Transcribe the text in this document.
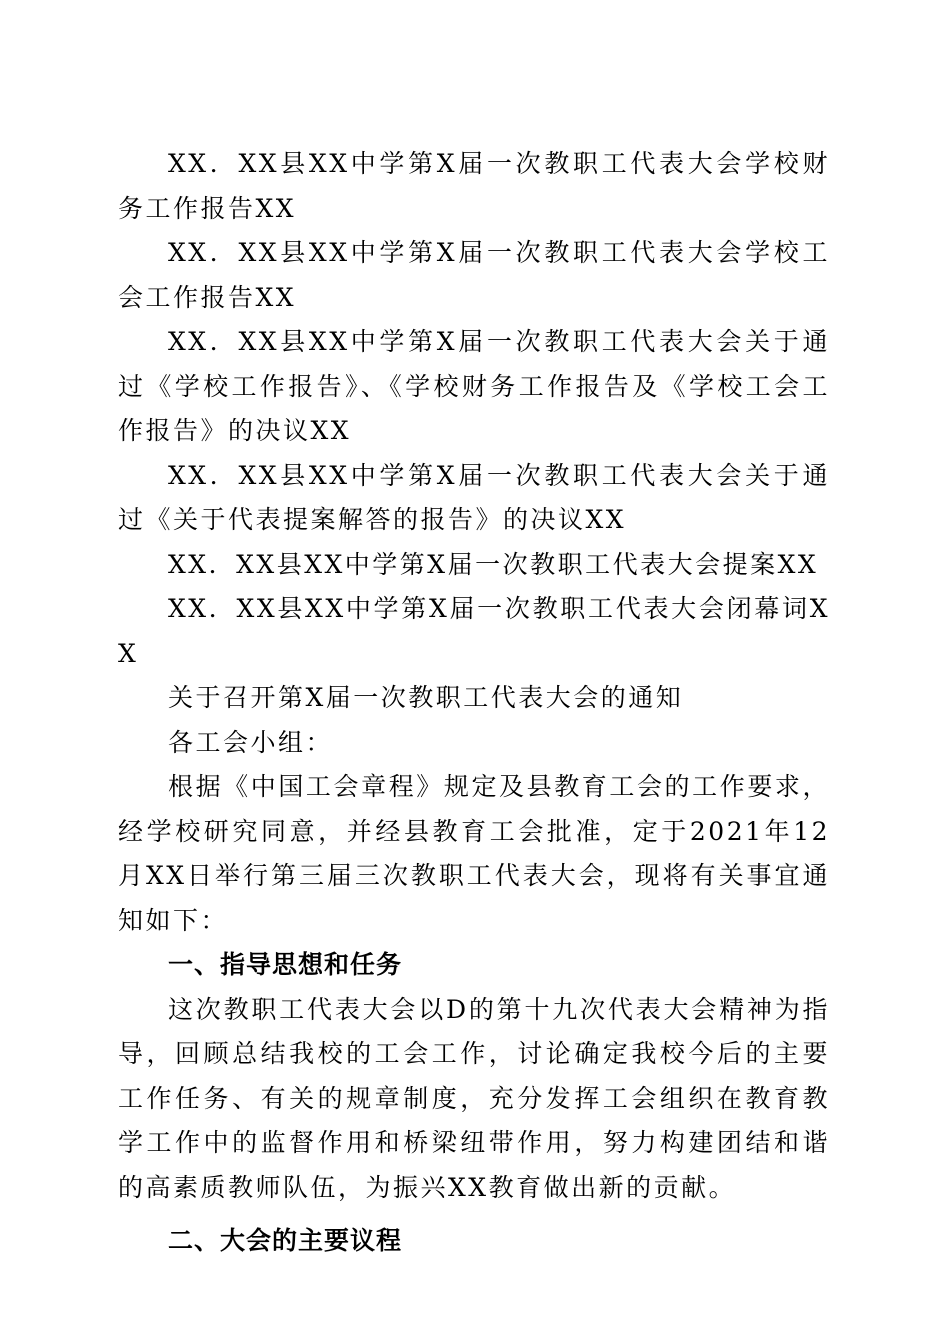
XX．XX县XX中学第X届一次教职工代表大会学校财务工作报告XX

XX．XX县XX中学第X届一次教职工代表大会学校工会工作报告XX

XX．XX县XX中学第X届一次教职工代表大会关于通过《学校工作报告》、《学校财务工作报告及《学校工会工作报告》的决议XX

XX．XX县XX中学第X届一次教职工代表大会关于通过《关于代表提案解答的报告》的决议XX

XX．XX县XX中学第X届一次教职工代表大会提案XX

XX．XX县XX中学第X届一次教职工代表大会闭幕词XX

关于召开第X届一次教职工代表大会的通知

各工会小组：

根据《中国工会章程》规定及县教育工会的工作要求，经学校研究同意，并经县教育工会批准，定于2021年12月XX日举行第三届三次教职工代表大会，现将有关事宜通知如下：

一、指导思想和任务

这次教职工代表大会以D的第十九次代表大会精神为指导，回顾总结我校的工会工作，讨论确定我校今后的主要工作任务、有关的规章制度，充分发挥工会组织在教育教学工作中的监督作用和桥梁纽带作用，努力构建团结和谐的高素质教师队伍，为振兴XX教育做出新的贡献。

二、大会的主要议程
